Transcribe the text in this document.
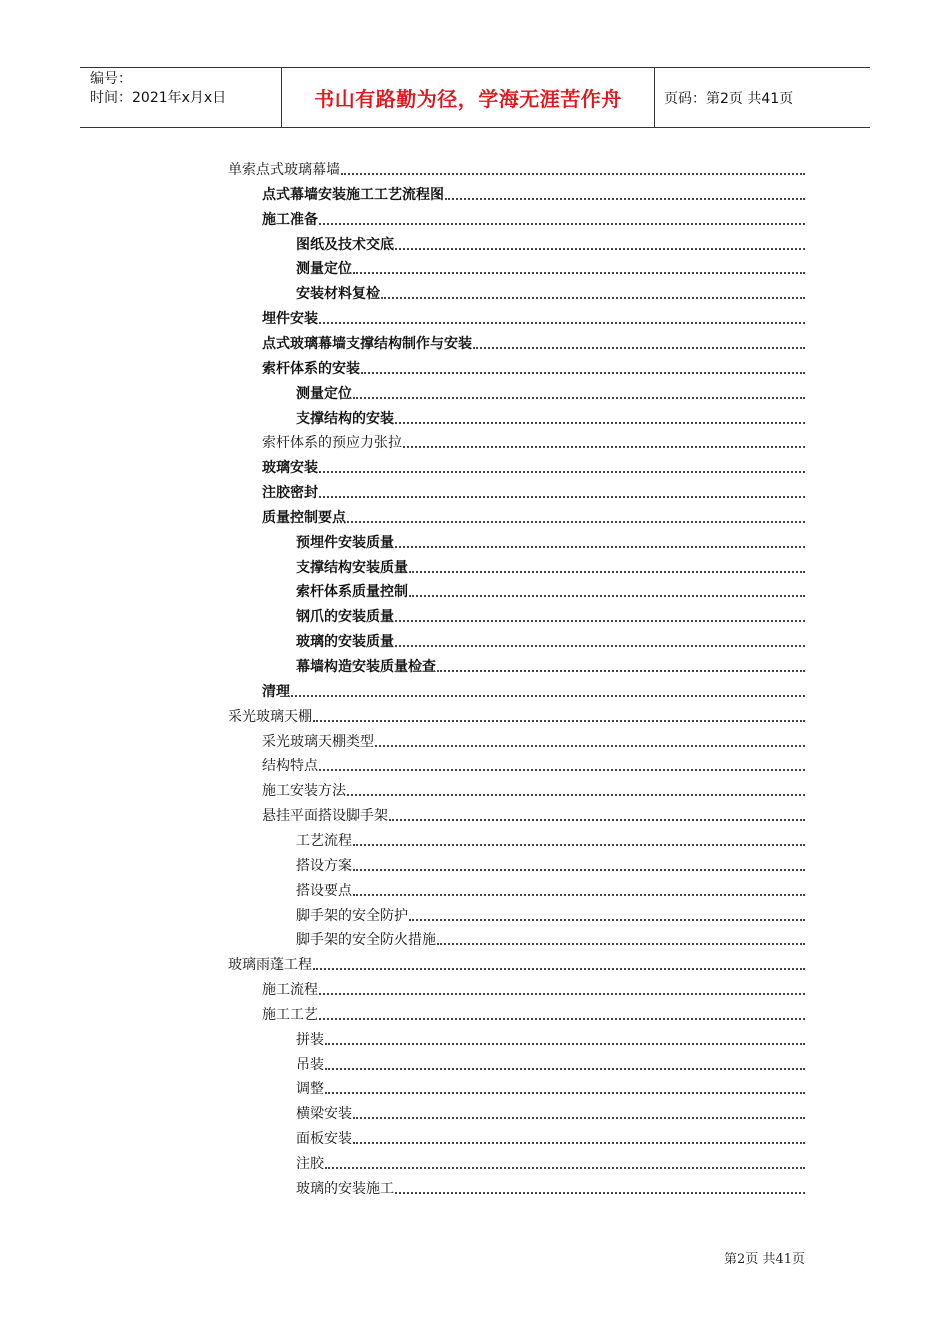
编号：
时间：2021年x月x日	书山有路勤为径，学海无涯苦作舟	页码：第2页 共41页
单索点式玻璃幕墙
点式幕墙安装施工工艺流程图
施工准备
图纸及技术交底
测量定位
安装材料复检
埋件安装
点式玻璃幕墙支撑结构制作与安装
索杆体系的安装
测量定位
支撑结构的安装
索杆体系的预应力张拉
玻璃安装
注胶密封
质量控制要点
预埋件安装质量
支撑结构安装质量
索杆体系质量控制
钢爪的安装质量
玻璃的安装质量
幕墙构造安装质量检查
清理
采光玻璃天棚
采光玻璃天棚类型
结构特点
施工安装方法
悬挂平面搭设脚手架
工艺流程
搭设方案
搭设要点
脚手架的安全防护
脚手架的安全防火措施
玻璃雨蓬工程
施工流程
施工工艺
拼装
吊装
调整
横梁安装
面板安装
注胶
玻璃的安装施工
第2页 共41页
